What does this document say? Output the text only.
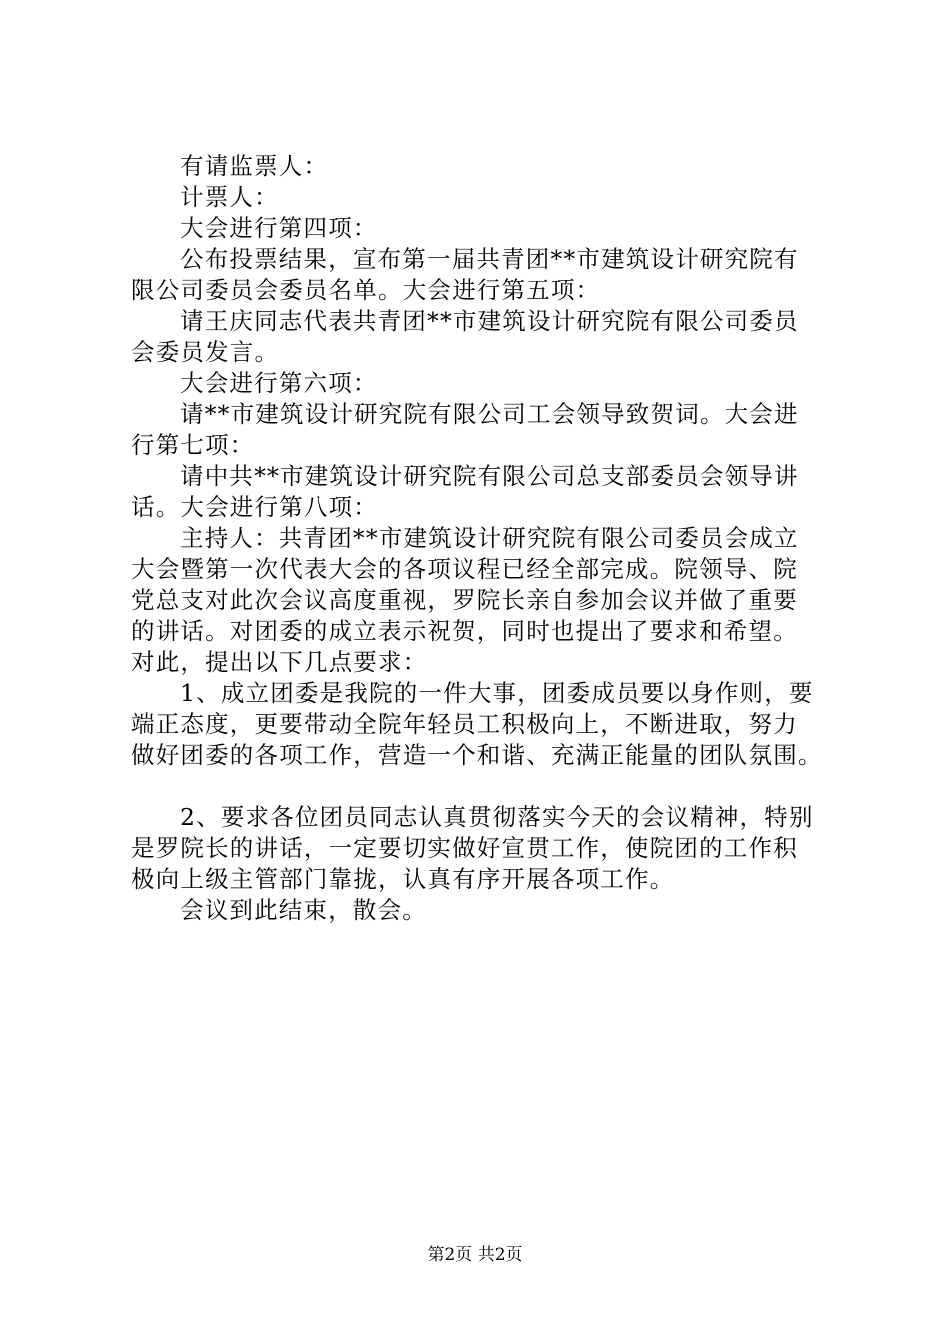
有请监票人：
计票人：
大会进行第四项：
公布投票结果，宣布第一届共青团**市建筑设计研究院有
限公司委员会委员名单。大会进行第五项：
请王庆同志代表共青团**市建筑设计研究院有限公司委员
会委员发言。
大会进行第六项：
请**市建筑设计研究院有限公司工会领导致贺词。大会进
行第七项：
请中共**市建筑设计研究院有限公司总支部委员会领导讲
话。大会进行第八项：
主持人：共青团**市建筑设计研究院有限公司委员会成立
大会暨第一次代表大会的各项议程已经全部完成。院领导、院
党总支对此次会议高度重视，罗院长亲自参加会议并做了重要
的讲话。对团委的成立表示祝贺，同时也提出了要求和希望。
对此，提出以下几点要求：
1、成立团委是我院的一件大事，团委成员要以身作则，要
端正态度，更要带动全院年轻员工积极向上，不断进取，努力
做好团委的各项工作，营造一个和谐、充满正能量的团队氛围。
2、要求各位团员同志认真贯彻落实今天的会议精神，特别
是罗院长的讲话，一定要切实做好宣贯工作，使院团的工作积
极向上级主管部门靠拢，认真有序开展各项工作。
会议到此结束，散会。
第2页 共2页
